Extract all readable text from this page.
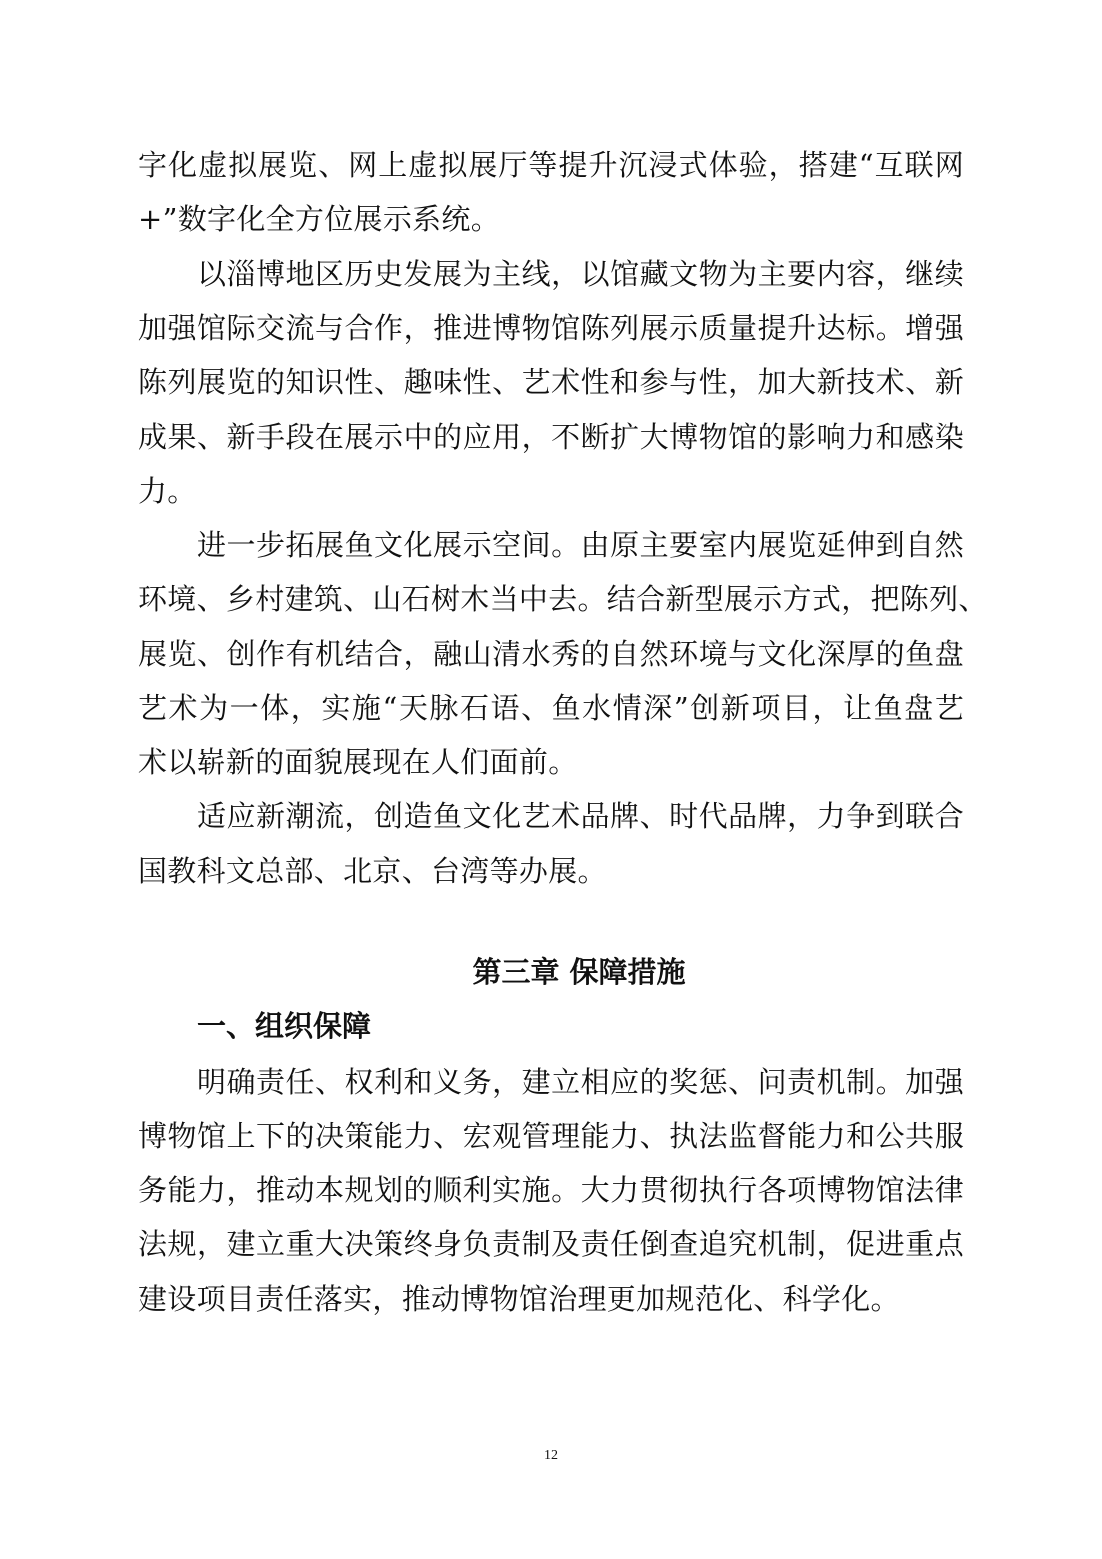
字化虚拟展览、网上虚拟展厅等提升沉浸式体验，搭建“互联网
+”数字化全方位展示系统。
以淄博地区历史发展为主线，以馆藏文物为主要内容，继续
加强馆际交流与合作，推进博物馆陈列展示质量提升达标。增强
陈列展览的知识性、趣味性、艺术性和参与性，加大新技术、新
成果、新手段在展示中的应用，不断扩大博物馆的影响力和感染
力。
进一步拓展鱼文化展示空间。由原主要室内展览延伸到自然
环境、乡村建筑、山石树木当中去。结合新型展示方式，把陈列、
展览、创作有机结合，融山清水秀的自然环境与文化深厚的鱼盘
艺术为一体，实施“天脉石语、鱼水情深”创新项目，让鱼盘艺
术以崭新的面貌展现在人们面前。
适应新潮流，创造鱼文化艺术品牌、时代品牌，力争到联合
国教科文总部、北京、台湾等办展。
第三章 保障措施
一、组织保障
明确责任、权利和义务，建立相应的奖惩、问责机制。加强
博物馆上下的决策能力、宏观管理能力、执法监督能力和公共服
务能力，推动本规划的顺利实施。大力贯彻执行各项博物馆法律
法规，建立重大决策终身负责制及责任倒查追究机制，促进重点
建设项目责任落实，推动博物馆治理更加规范化、科学化。
12
